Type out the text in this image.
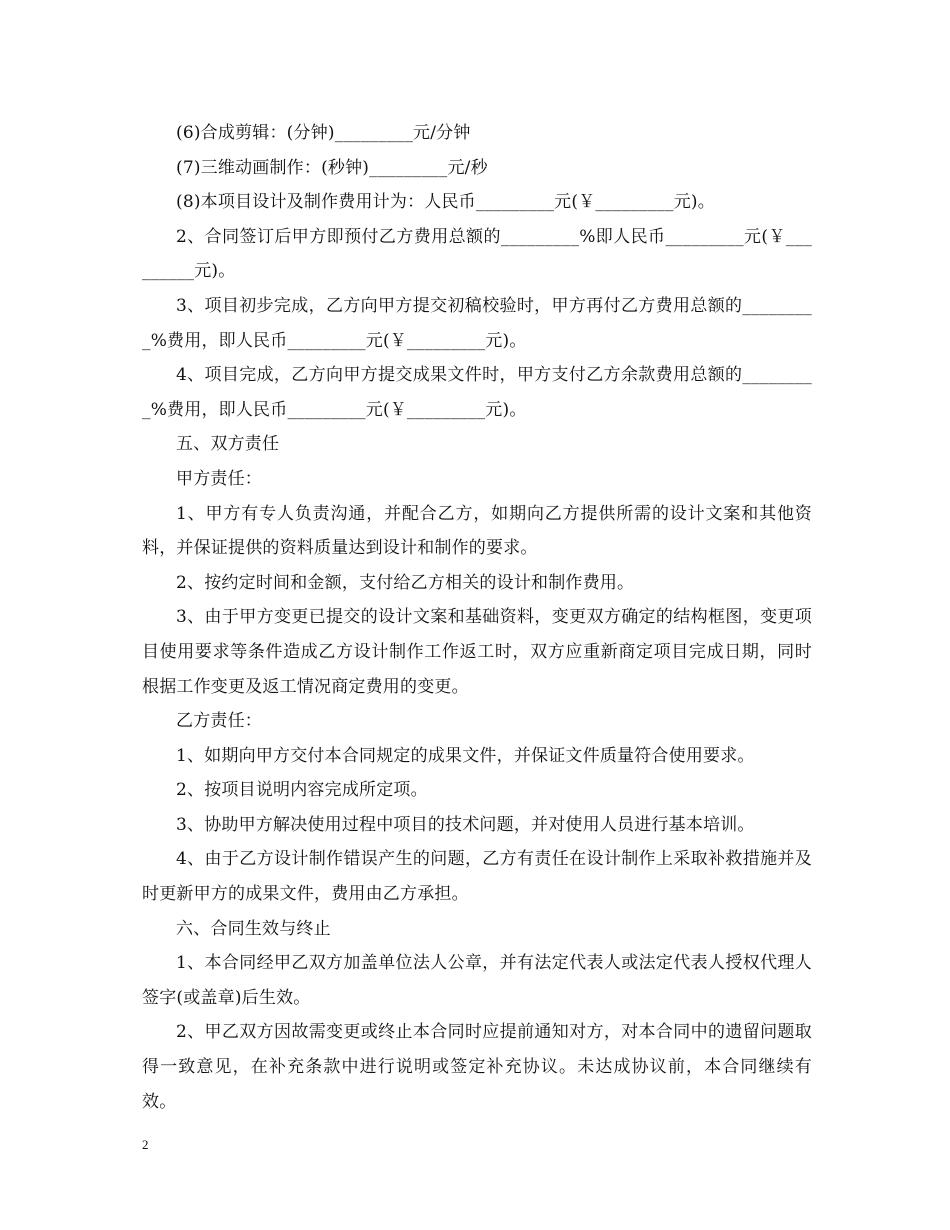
(6)合成剪辑：(分钟)_________元/分钟

(7)三维动画制作：(秒钟)_________元/秒

(8)本项目设计及制作费用计为：人民币_________元(￥_________元)。

2、合同签订后甲方即预付乙方费用总额的_________%即人民币_________元(￥_________元)。

3、项目初步完成，乙方向甲方提交初稿校验时，甲方再付乙方费用总额的_________%费用，即人民币_________元(￥_________元)。

4、项目完成，乙方向甲方提交成果文件时，甲方支付乙方余款费用总额的_________%费用，即人民币_________元(￥_________元)。

五、双方责任

甲方责任：

1、甲方有专人负责沟通，并配合乙方，如期向乙方提供所需的设计文案和其他资料，并保证提供的资料质量达到设计和制作的要求。

2、按约定时间和金额，支付给乙方相关的设计和制作费用。

3、由于甲方变更已提交的设计文案和基础资料，变更双方确定的结构框图，变更项目使用要求等条件造成乙方设计制作工作返工时，双方应重新商定项目完成日期，同时根据工作变更及返工情况商定费用的变更。

乙方责任：

1、如期向甲方交付本合同规定的成果文件，并保证文件质量符合使用要求。

2、按项目说明内容完成所定项。

3、协助甲方解决使用过程中项目的技术问题，并对使用人员进行基本培训。

4、由于乙方设计制作错误产生的问题，乙方有责任在设计制作上采取补救措施并及时更新甲方的成果文件，费用由乙方承担。

六、合同生效与终止

1、本合同经甲乙双方加盖单位法人公章，并有法定代表人或法定代表人授权代理人签字(或盖章)后生效。

2、甲乙双方因故需变更或终止本合同时应提前通知对方，对本合同中的遗留问题取得一致意见，在补充条款中进行说明或签定补充协议。未达成协议前，本合同继续有效。

2
